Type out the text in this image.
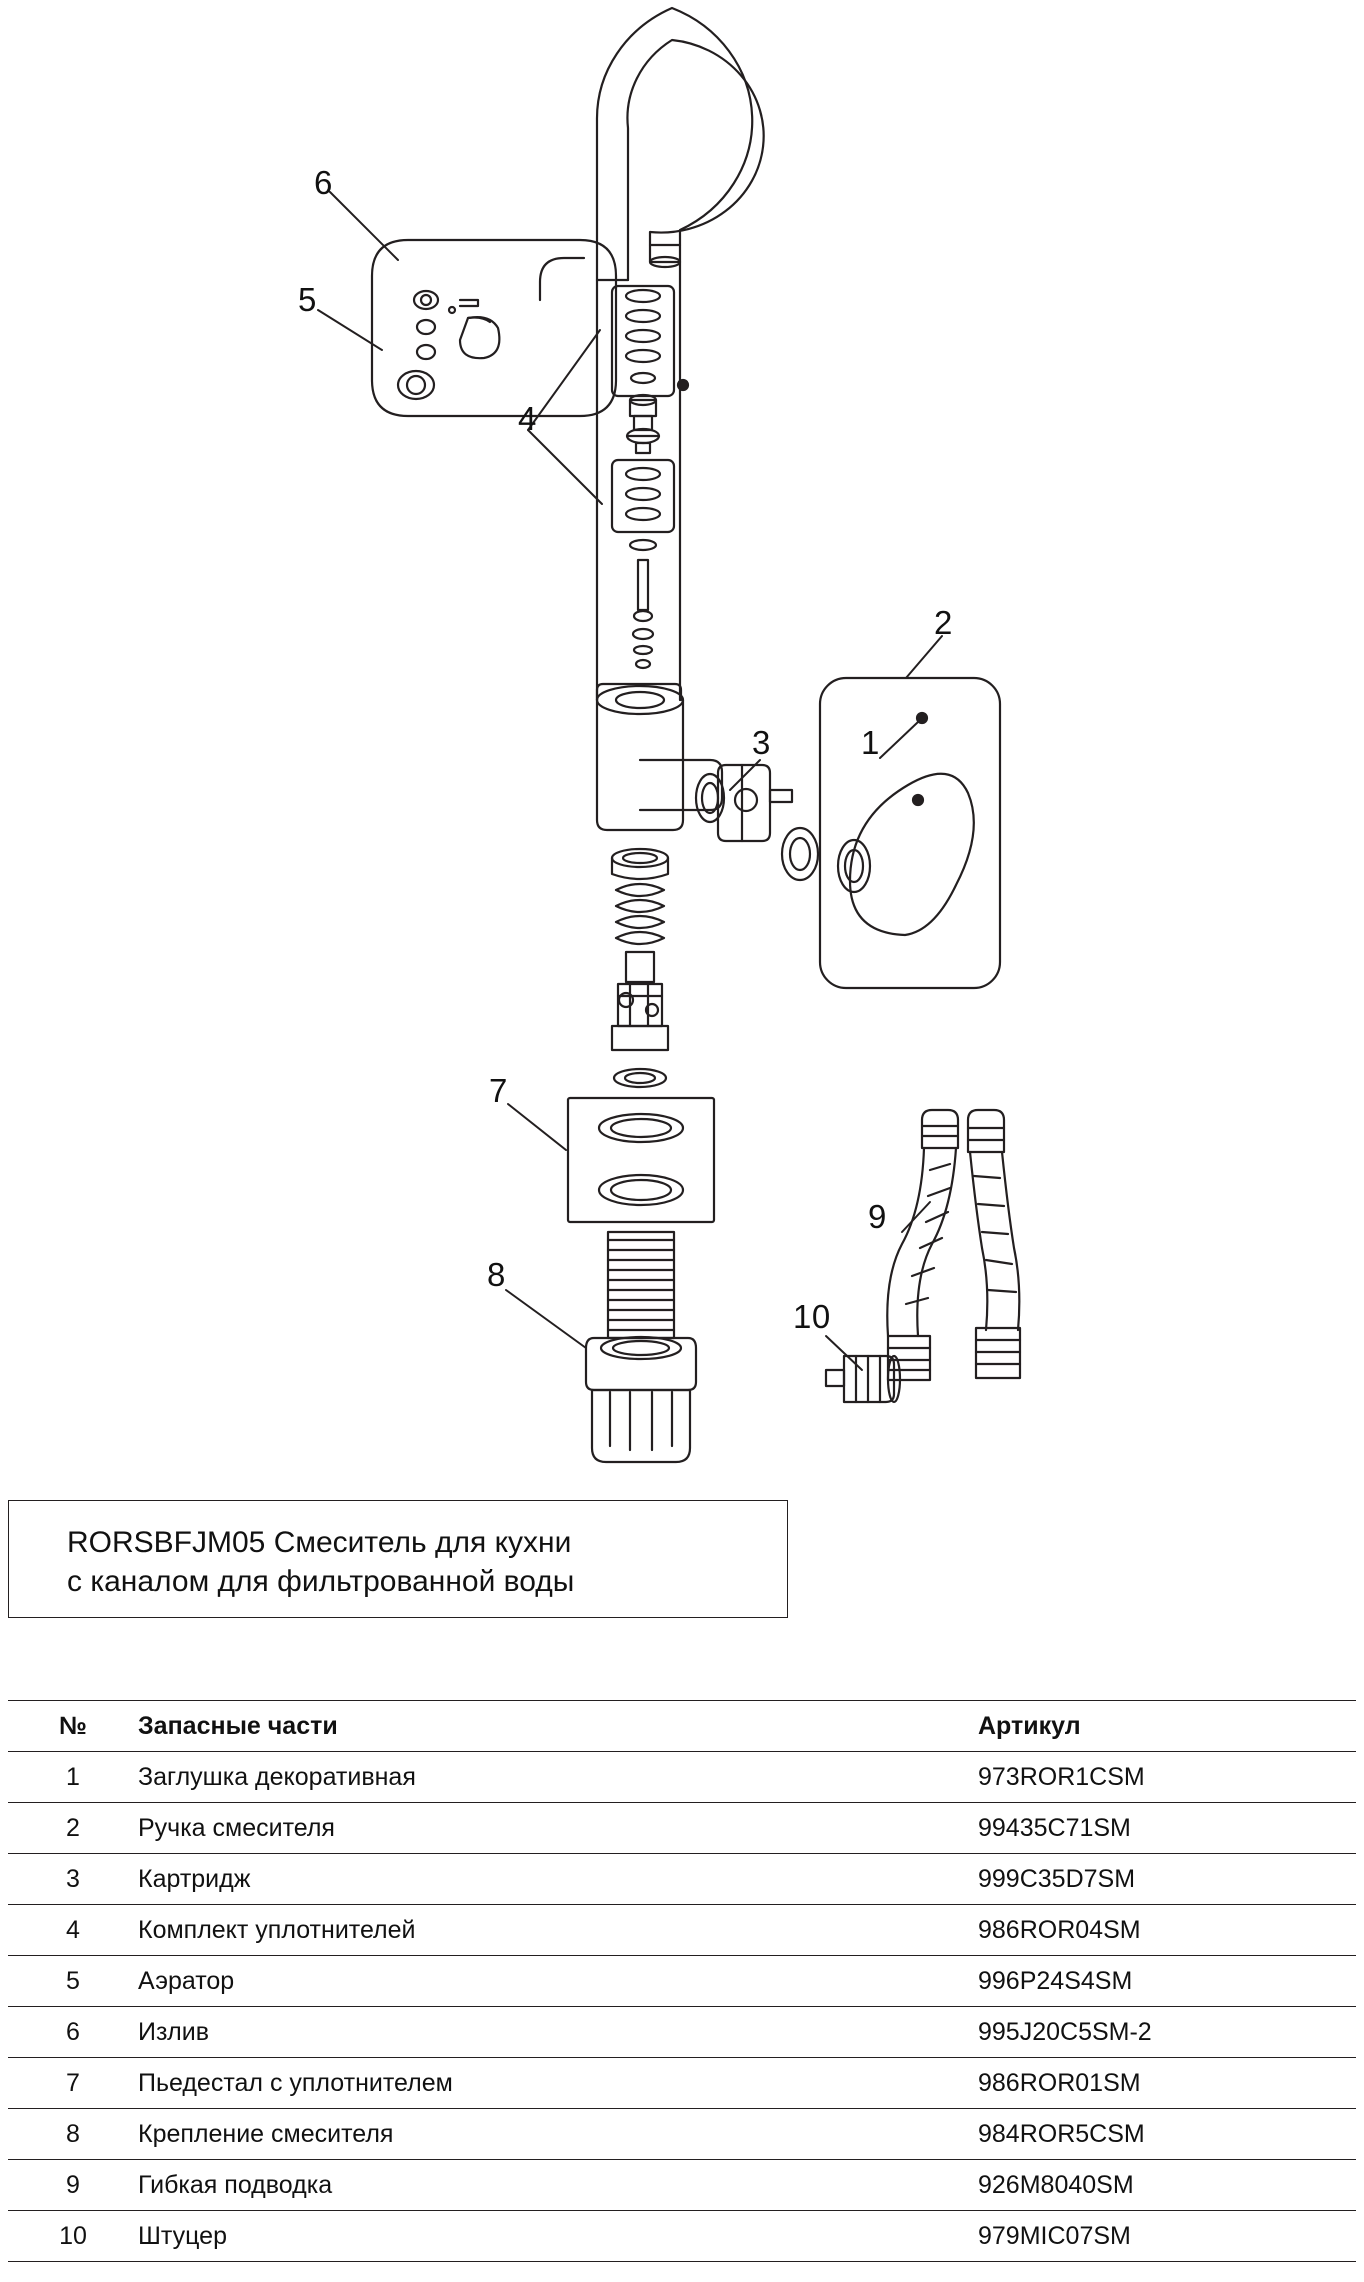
6
5
4
2
1
3
7
8
9
10
RORSBFJM05 Смеситель для кухни
с каналом для фильтрованной воды
№	Запасные части	Артикул
1	Заглушка декоративная	973ROR1CSM
2	Ручка смесителя	99435C71SM
3	Картридж	999C35D7SM
4	Комплект уплотнителей	986ROR04SM
5	Аэратор	996P24S4SM
6	Излив	995J20C5SM-2
7	Пьедестал с уплотнителем	986ROR01SM
8	Крепление смесителя	984ROR5CSM
9	Гибкая подводка	926M8040SM
10	Штуцер	979MIC07SM
